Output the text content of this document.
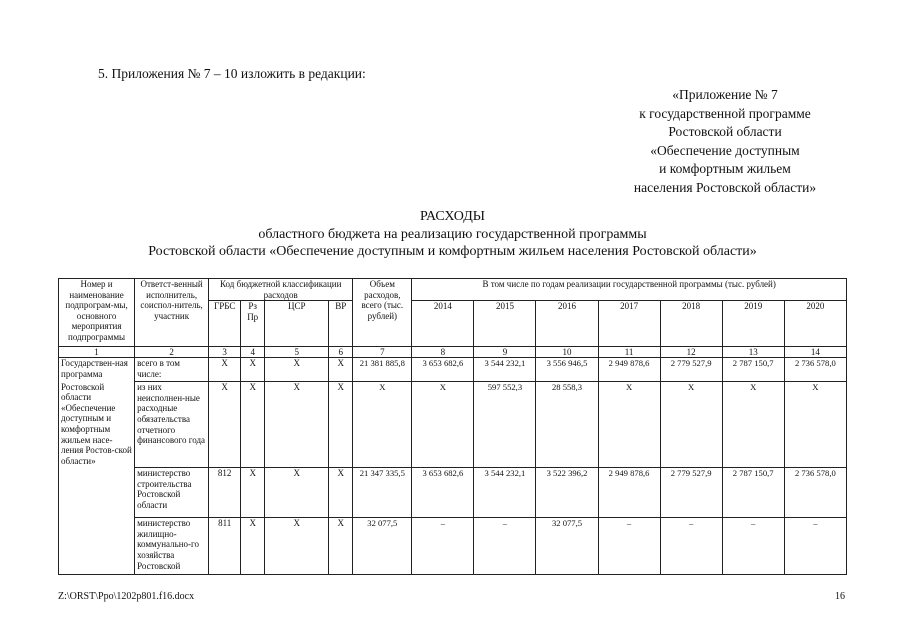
5. Приложения № 7 – 10 изложить в редакции:
«Приложение № 7
к государственной программе
Ростовской области
«Обеспечение доступным
и комфортным жильем
населения Ростовской области»
РАСХОДЫ
областного бюджета на реализацию государственной программы
Ростовской области «Обеспечение доступным и комфортным жильем населения Ростовской области»
Номер и наименование подпрограм-мы, основного мероприятия подпрограммы	Ответст-венный исполнитель, соиспол-нитель, участник	Код бюджетной классификации расходов				Объем расходов, всего (тыс. рублей)	В том числе по годам реализации государственной программы (тыс. рублей)						
		ГРБС	Рз Пр	ЦСР	ВР		2014	2015	2016	2017	2018	2019	2020
1	2	3	4	5	6	7	8	9	10	11	12	13	14
Государствен-ная программа	всего в том числе:	X	X	X	X	21 381 885,8	3 653 682,6	3 544 232,1	3 556 946,5	2 949 878,6	2 779 527,9	2 787 150,7	2 736 578,0
Ростовской области «Обеспечение доступным и комфортным жильем насе-ления Ростов-ской области»	из них неисполнен-ные расходные обязательства отчетного финансового года	X	X	X	X	X	X	597 552,3	28 558,3	X	X	X	X
	министерство строительства Ростовской области	812	X	X	X	21 347 335,5	3 653 682,6	3 544 232,1	3 522 396,2	2 949 878,6	2 779 527,9	2 787 150,7	2 736 578,0
	министерство жилищно-коммунально-го хозяйства Ростовской	811	X	X	X	32 077,5	–	–	32 077,5	–	–	–	–
Z:\ORST\Ppo\1202p801.f16.docx	16
